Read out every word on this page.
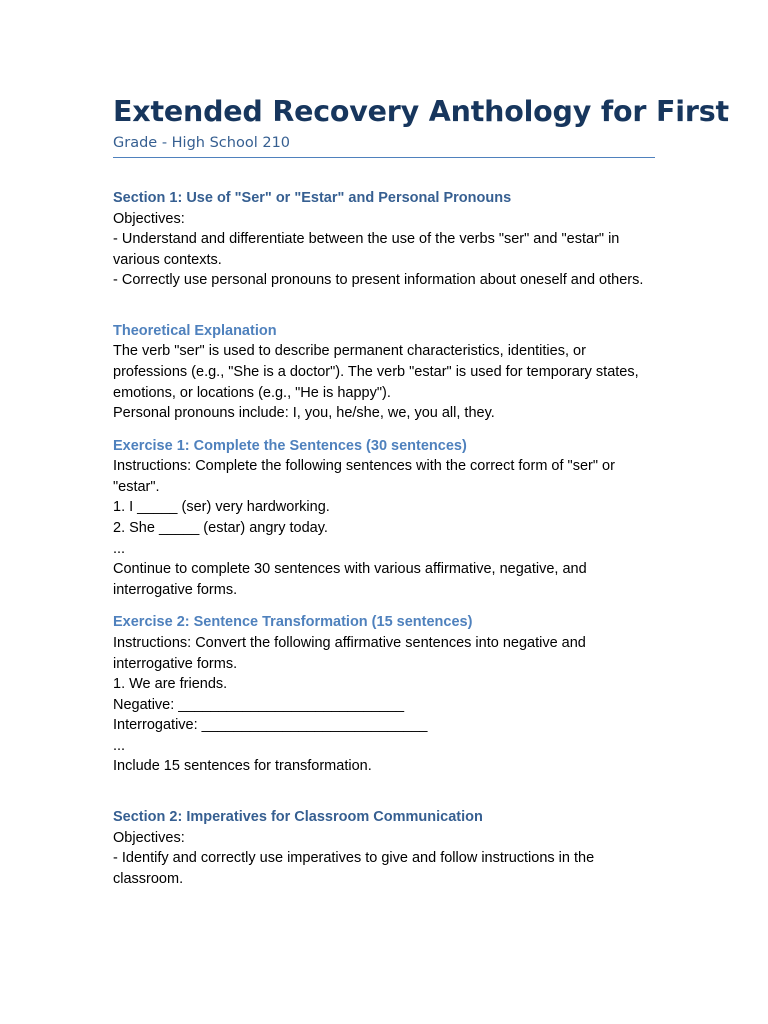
Extended Recovery Anthology for First
Grade - High School 210
Section 1: Use of "Ser" or "Estar" and Personal Pronouns
Objectives:
- Understand and differentiate between the use of the verbs "ser" and "estar" in various contexts.
- Correctly use personal pronouns to present information about oneself and others.
Theoretical Explanation
The verb "ser" is used to describe permanent characteristics, identities, or professions (e.g., "She is a doctor"). The verb "estar" is used for temporary states, emotions, or locations (e.g., "He is happy").
Personal pronouns include: I, you, he/she, we, you all, they.
Exercise 1: Complete the Sentences (30 sentences)
Instructions: Complete the following sentences with the correct form of "ser" or "estar".
1. I _____ (ser) very hardworking.
2. She _____ (estar) angry today.
...
Continue to complete 30 sentences with various affirmative, negative, and interrogative forms.
Exercise 2: Sentence Transformation (15 sentences)
Instructions: Convert the following affirmative sentences into negative and interrogative forms.
1. We are friends.
Negative: ____________________________
Interrogative: ____________________________
...
Include 15 sentences for transformation.
Section 2: Imperatives for Classroom Communication
Objectives:
- Identify and correctly use imperatives to give and follow instructions in the classroom.
